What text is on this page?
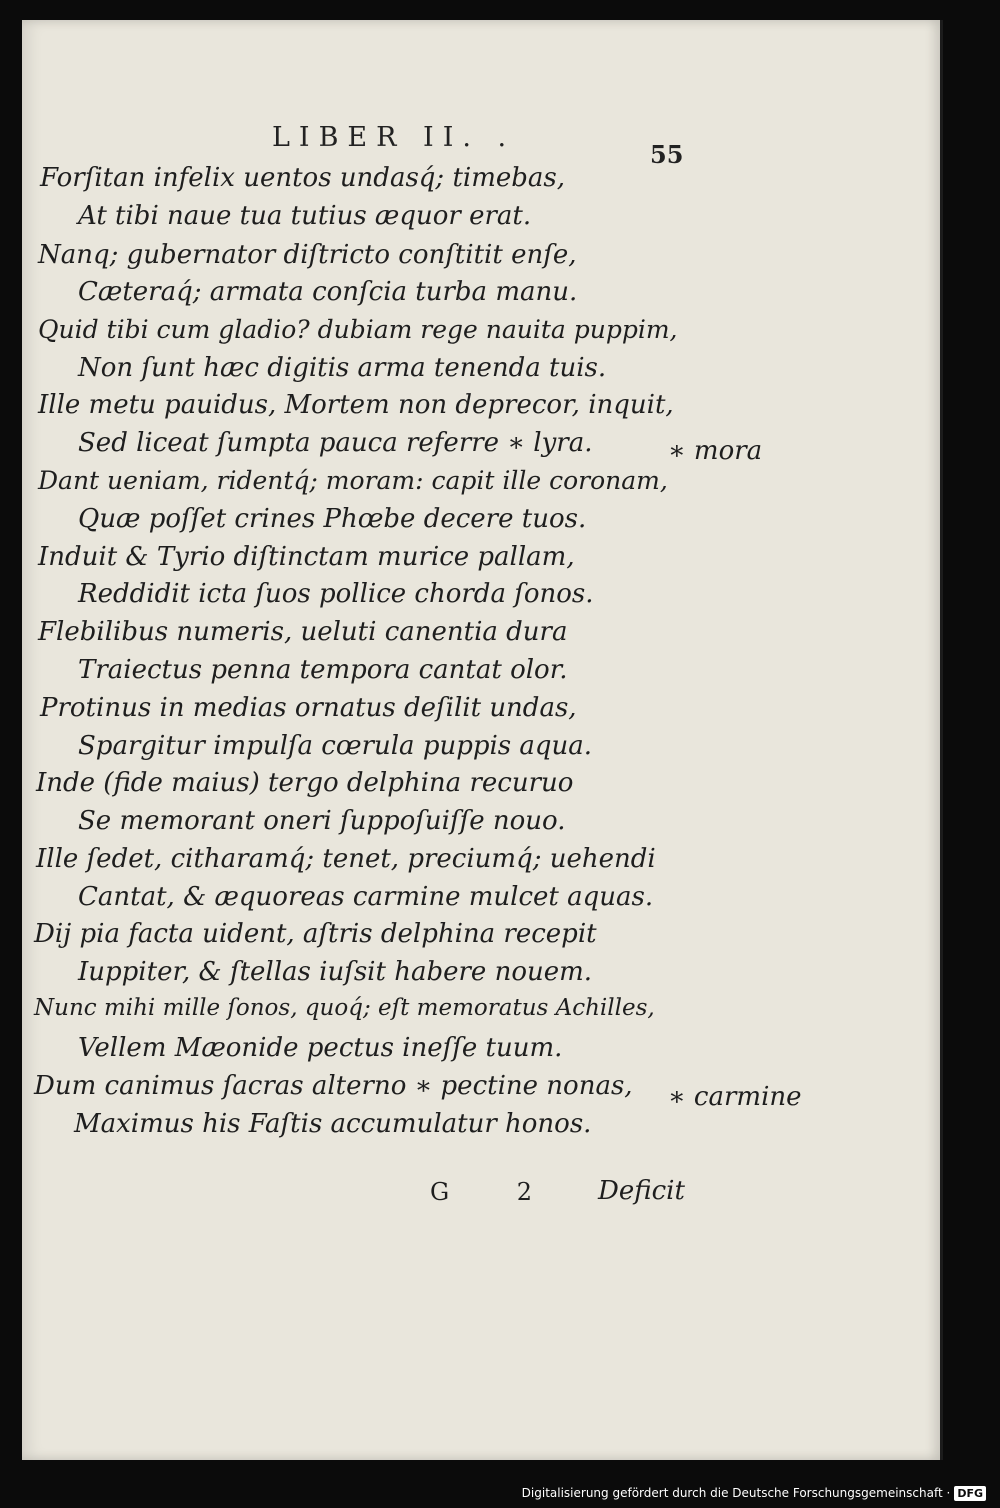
LIBER II. .
55
Forſitan infelix uentos undasq́; timebas,
At tibi naue tua tutius æquor erat.
Nanq; gubernator diſtricto conſtitit enſe,
Cæteraq́; armata conſcia turba manu.
Quid tibi cum gladio? dubiam rege nauita puppim,
Non ſunt hæc digitis arma tenenda tuis.
Ille metu pauidus, Mortem non deprecor, inquit,
Sed liceat ſumpta pauca referre ∗ lyra.
Dant ueniam, ridentq́; moram: capit ille coronam,
Quæ poſſet crines Phœbe decere tuos.
Induit & Tyrio diſtinctam murice pallam,
Reddidit icta ſuos pollice chorda ſonos.
Flebilibus numeris, ueluti canentia dura
Traiectus penna tempora cantat olor.
Protinus in medias ornatus deſilit undas,
Spargitur impulſa cœrula puppis aqua.
Inde (fide maius) tergo delphina recuruo
Se memorant oneri ſuppoſuiſſe nouo.
Ille ſedet, citharamq́; tenet, preciumq́; uehendi
Cantat, & æquoreas carmine mulcet aquas.
Dij pia facta uident, aſtris delphina recepit
Iuppiter, & ſtellas iuſsit habere nouem.
Nunc mihi mille ſonos, quoq́; eſt memoratus Achilles,
Vellem Mæonide pectus ineſſe tuum.
Dum canimus ſacras alterno ∗ pectine nonas,
Maximus his Faſtis accumulatur honos.
∗ mora
∗ carmine
G 2 Deficit
Digitalisierung gefördert durch die Deutsche Forschungsgemeinschaft · DFG
